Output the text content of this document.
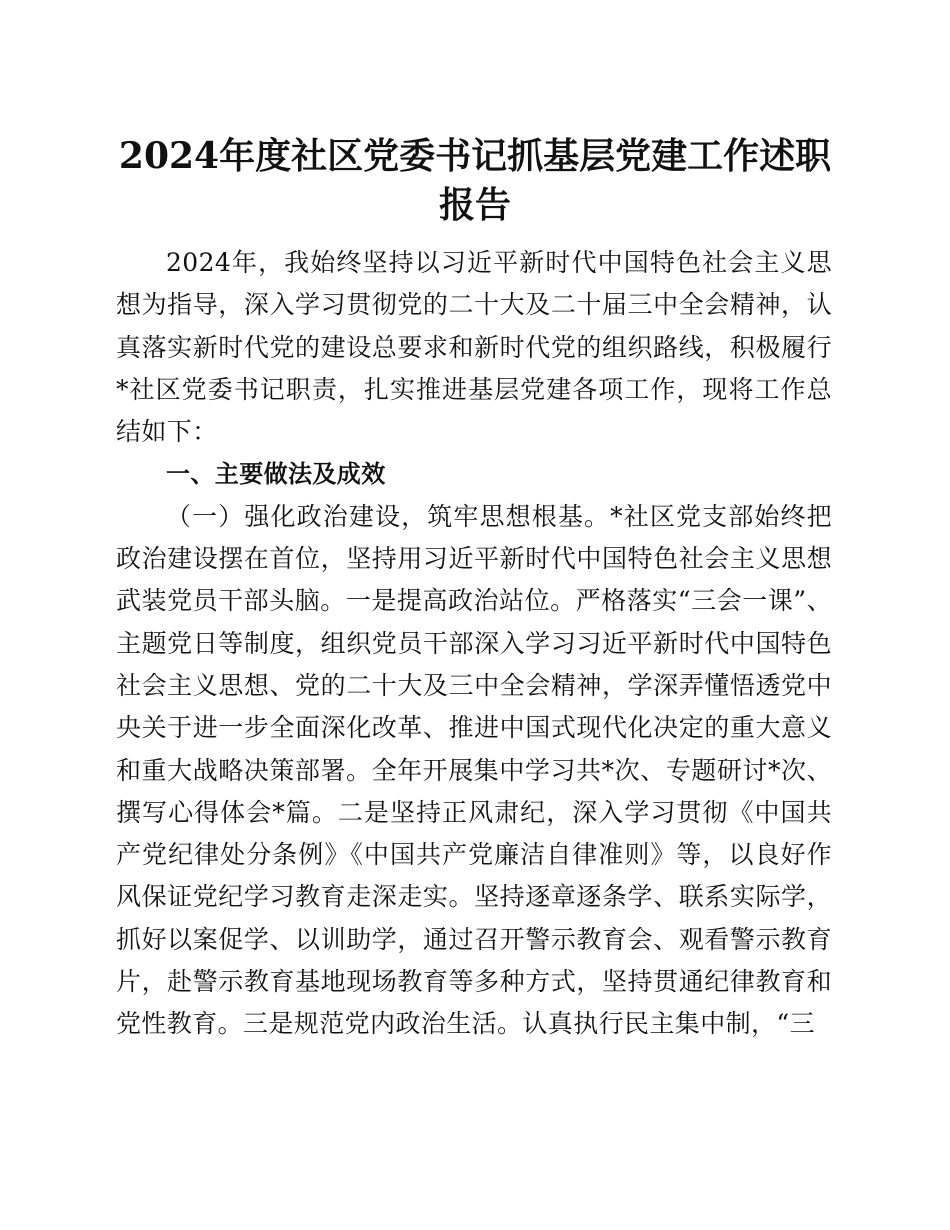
2024年度社区党委书记抓基层党建工作述职报告

2024年，我始终坚持以习近平新时代中国特色社会主义思想为指导，深入学习贯彻党的二十大及二十届三中全会精神，认真落实新时代党的建设总要求和新时代党的组织路线，积极履行*社区党委书记职责，扎实推进基层党建各项工作，现将工作总结如下：

一、主要做法及成效

（一）强化政治建设，筑牢思想根基。*社区党支部始终把政治建设摆在首位，坚持用习近平新时代中国特色社会主义思想武装党员干部头脑。一是提高政治站位。严格落实“三会一课”、主题党日等制度，组织党员干部深入学习习近平新时代中国特色社会主义思想、党的二十大及三中全会精神，学深弄懂悟透党中央关于进一步全面深化改革、推进中国式现代化决定的重大意义和重大战略决策部署。全年开展集中学习共*次、专题研讨*次、撰写心得体会*篇。二是坚持正风肃纪，深入学习贯彻《中国共产党纪律处分条例》《中国共产党廉洁自律准则》等，以良好作风保证党纪学习教育走深走实。坚持逐章逐条学、联系实际学，抓好以案促学、以训助学，通过召开警示教育会、观看警示教育片，赴警示教育基地现场教育等多种方式，坚持贯通纪律教育和党性教育。三是规范党内政治生活。认真执行民主集中制，“三
